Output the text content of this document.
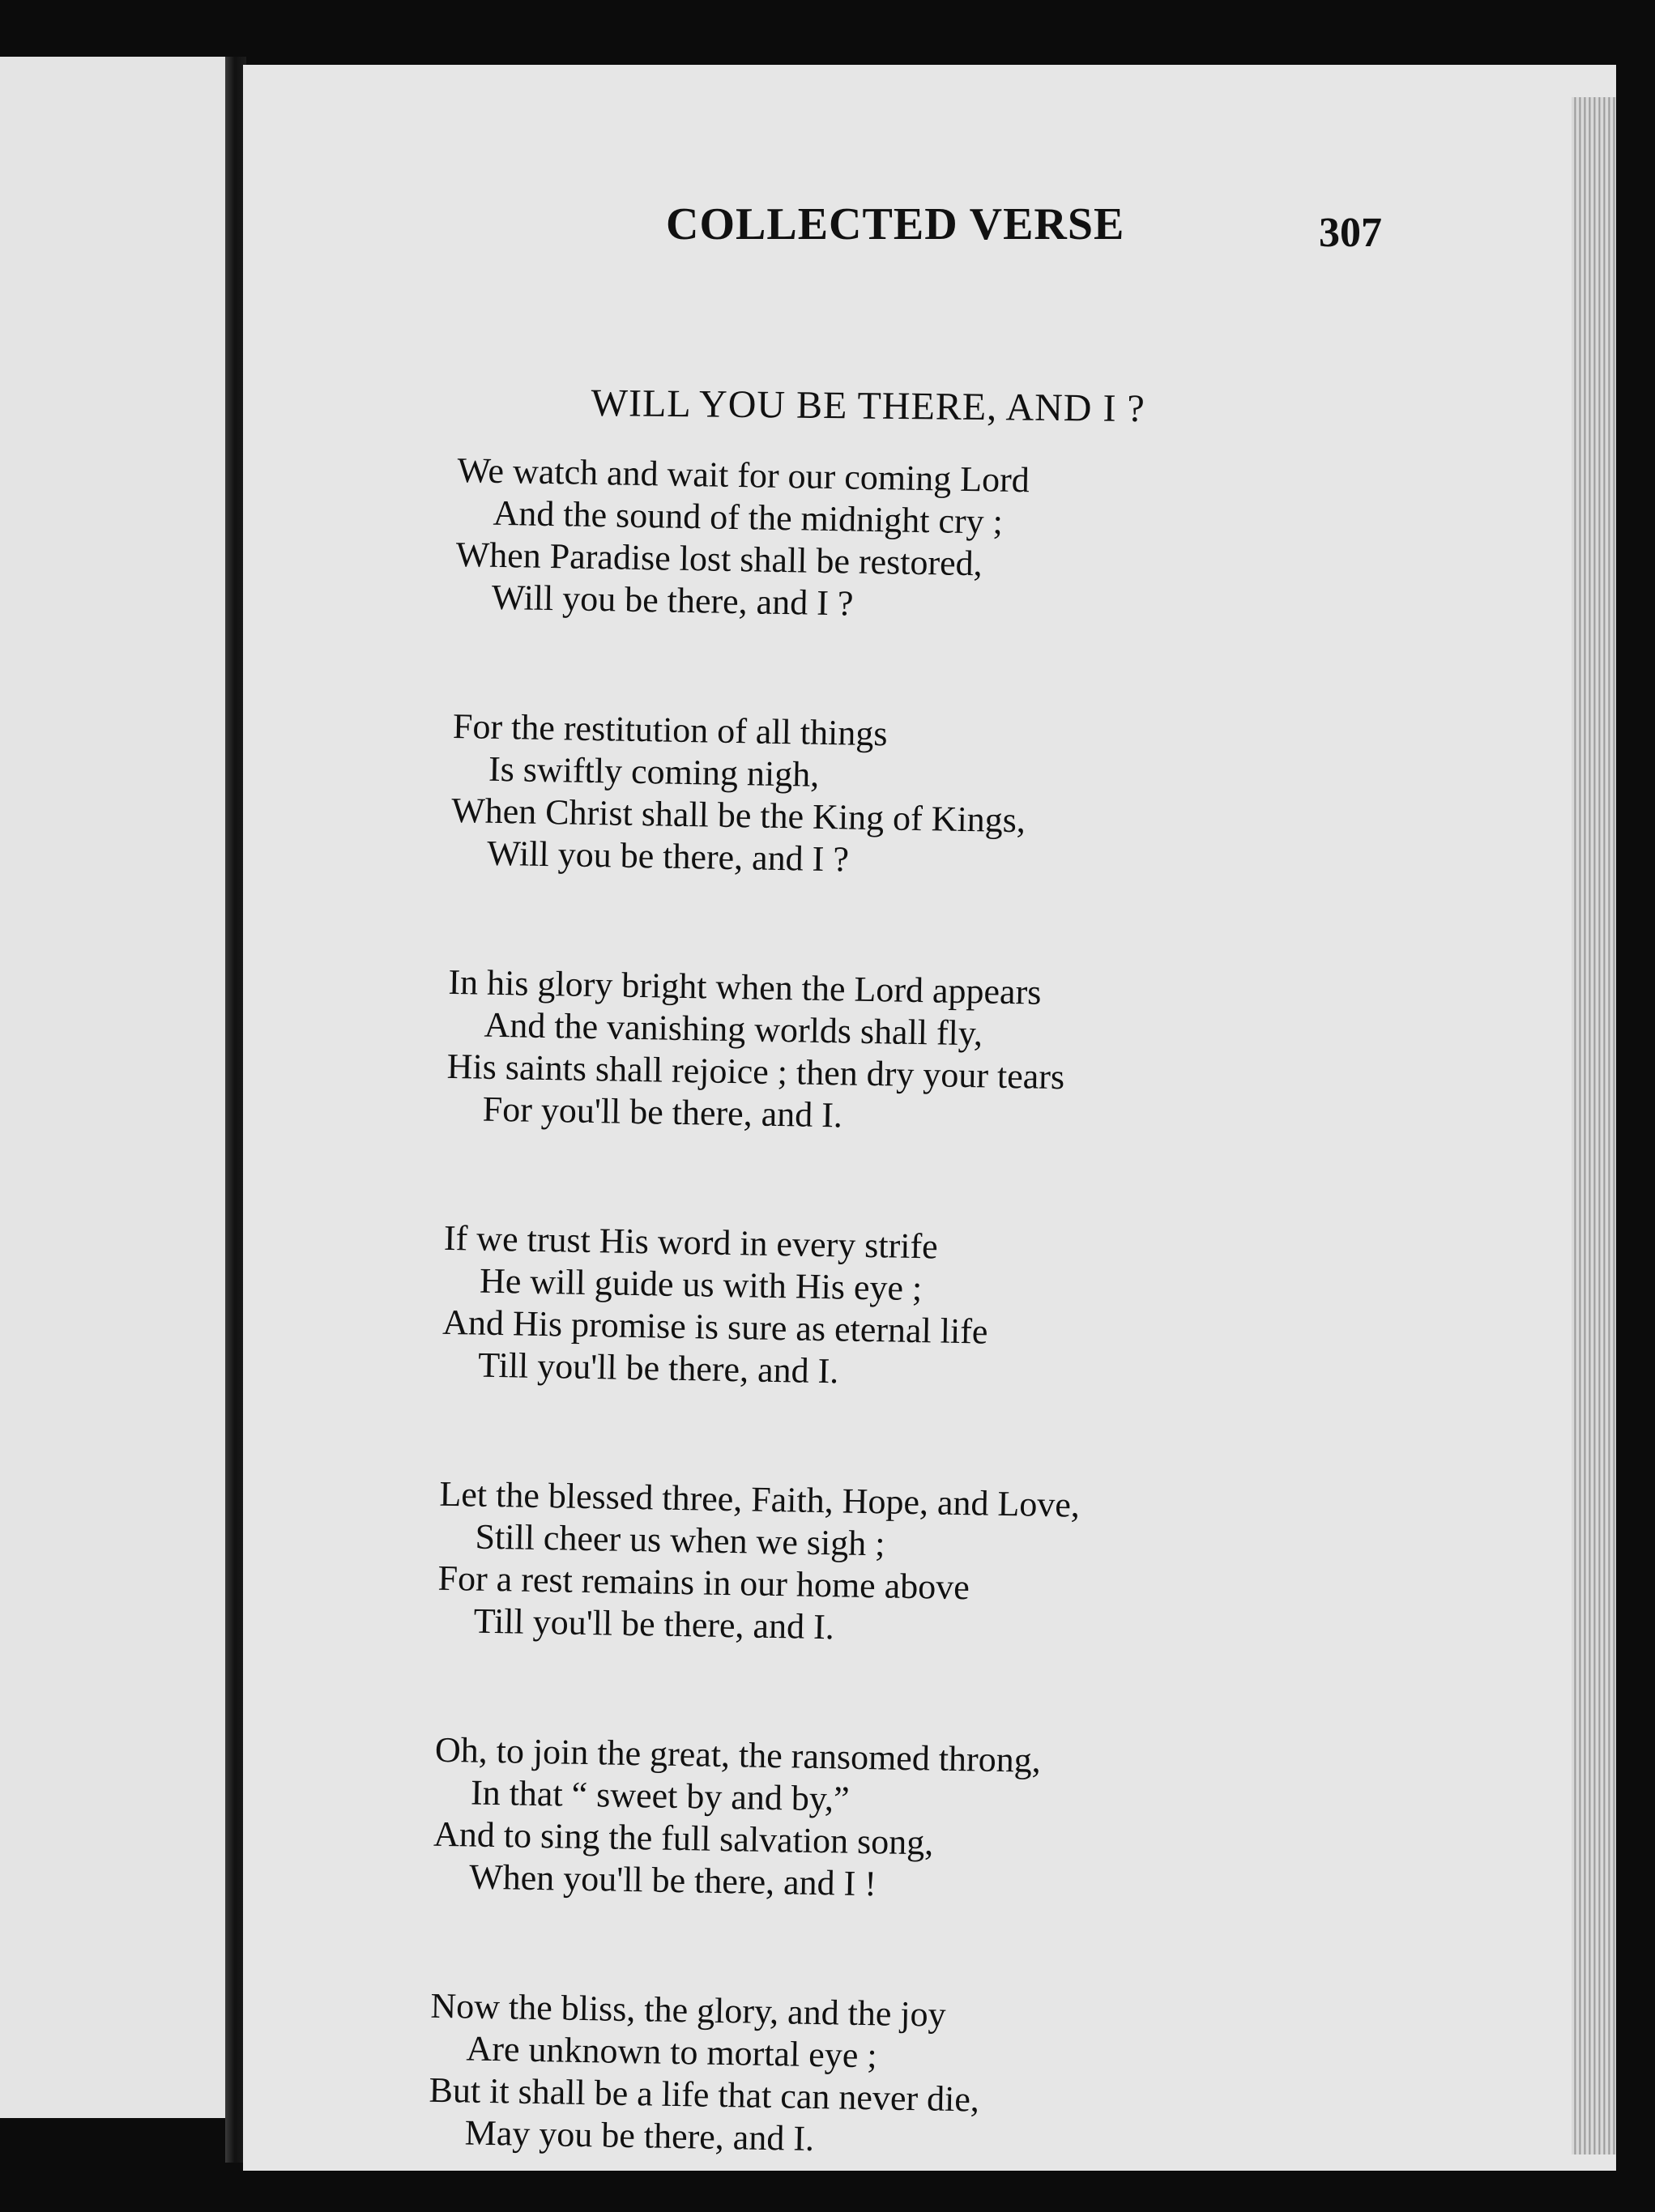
COLLECTED VERSE	307
WILL YOU BE THERE, AND I ?
We watch and wait for our coming Lord
And the sound of the midnight cry ;
When Paradise lost shall be restored,
Will you be there, and I ?
For the restitution of all things
Is swiftly coming nigh,
When Christ shall be the King of Kings,
Will you be there, and I ?
In his glory bright when the Lord appears
And the vanishing worlds shall fly,
His saints shall rejoice ; then dry your tears
For you'll be there, and I.
If we trust His word in every strife
He will guide us with His eye ;
And His promise is sure as eternal life
Till you'll be there, and I.
Let the blessed three, Faith, Hope, and Love,
Still cheer us when we sigh ;
For a rest remains in our home above
Till you'll be there, and I.
Oh, to join the great, the ransomed throng,
In that “ sweet by and by,”
And to sing the full salvation song,
When you'll be there, and I !
Now the bliss, the glory, and the joy
Are unknown to mortal eye ;
But it shall be a life that can never die,
May you be there, and I.
